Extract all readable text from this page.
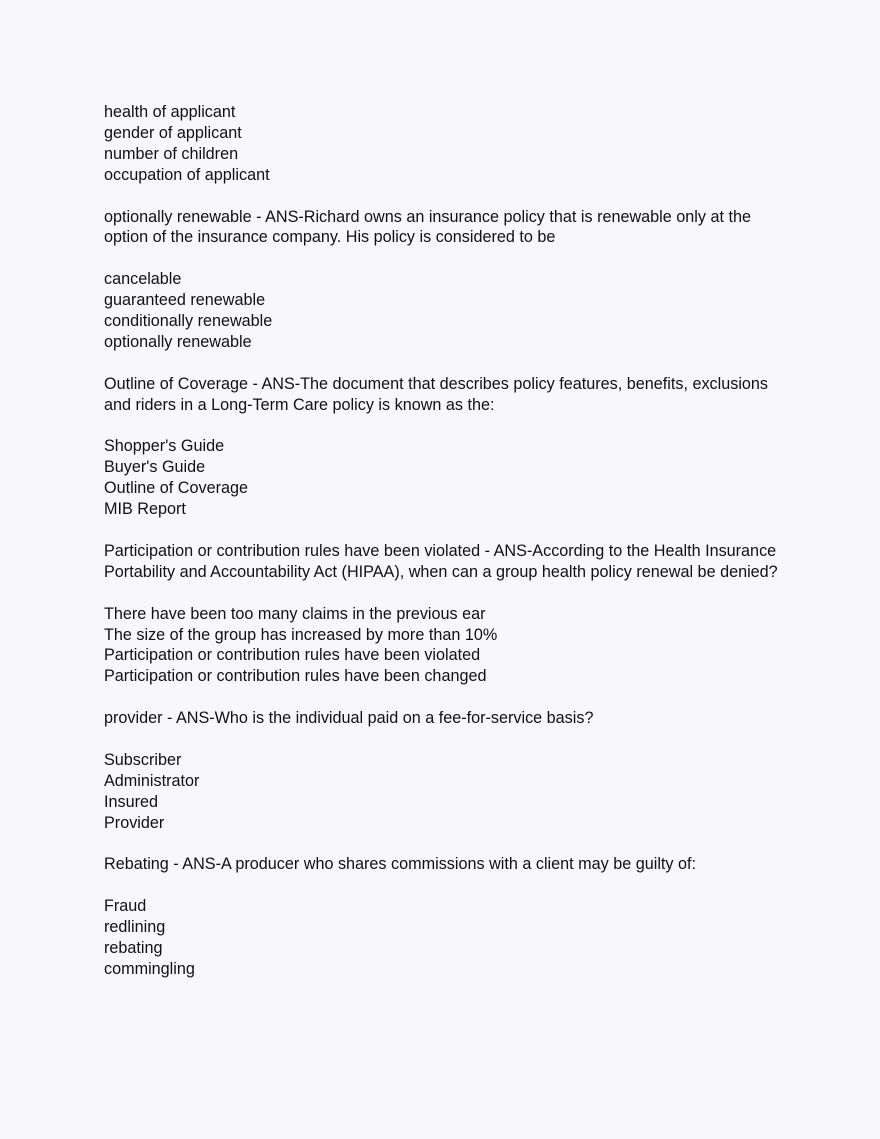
health of applicant

gender of applicant

number of children

occupation of applicant

optionally renewable - ANS-Richard owns an insurance policy that is renewable only at the

option of the insurance company. His policy is considered to be

cancelable

guaranteed renewable

conditionally renewable

optionally renewable

Outline of Coverage - ANS-The document that describes policy features, benefits, exclusions

and riders in a Long-Term Care policy is known as the:

Shopper's Guide

Buyer's Guide

Outline of Coverage

MIB Report

Participation or contribution rules have been violated - ANS-According to the Health Insurance

Portability and Accountability Act (HIPAA), when can a group health policy renewal be denied?

There have been too many claims in the previous ear

The size of the group has increased by more than 10%

Participation or contribution rules have been violated

Participation or contribution rules have been changed

provider - ANS-Who is the individual paid on a fee-for-service basis?

Subscriber

Administrator

Insured

Provider

Rebating - ANS-A producer who shares commissions with a client may be guilty of:

Fraud

redlining

rebating

commingling
